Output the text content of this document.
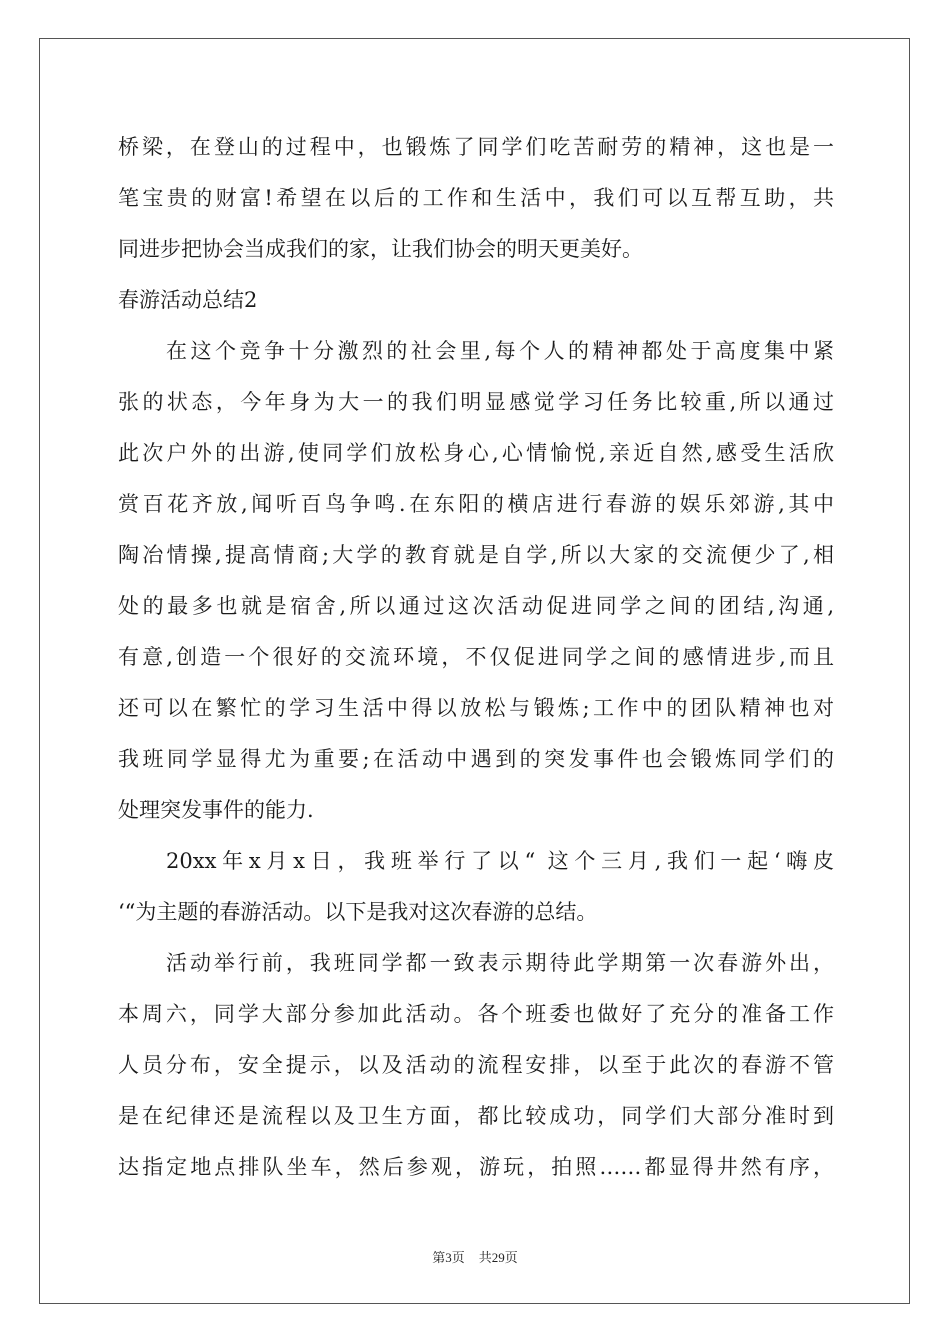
桥梁，在登山的过程中，也锻炼了同学们吃苦耐劳的精神，这也是一
笔宝贵的财富!希望在以后的工作和生活中，我们可以互帮互助，共
同进步把协会当成我们的家，让我们协会的明天更美好。
春游活动总结2
在这个竞争十分激烈的社会里,每个人的精神都处于高度集中紧
张的状态，今年身为大一的我们明显感觉学习任务比较重,所以通过
此次户外的出游,使同学们放松身心,心情愉悦,亲近自然,感受生活欣
赏百花齐放,闻听百鸟争鸣.在东阳的横店进行春游的娱乐郊游,其中
陶冶情操,提高情商;大学的教育就是自学,所以大家的交流便少了,相
处的最多也就是宿舍,所以通过这次活动促进同学之间的团结,沟通,
有意,创造一个很好的交流环境，不仅促进同学之间的感情进步,而且
还可以在繁忙的学习生活中得以放松与锻炼;工作中的团队精神也对
我班同学显得尤为重要;在活动中遇到的突发事件也会锻炼同学们的
处理突发事件的能力.
20xx年x月x日，我班举行了以“ 这个三月,我们一起‘嗨皮
‘“为主题的春游活动。以下是我对这次春游的总结。
活动举行前，我班同学都一致表示期待此学期第一次春游外出，
本周六，同学大部分参加此活动。各个班委也做好了充分的准备工作
人员分布，安全提示，以及活动的流程安排，以至于此次的春游不管
是在纪律还是流程以及卫生方面，都比较成功，同学们大部分准时到
达指定地点排队坐车，然后参观，游玩，拍照……都显得井然有序，
第3页 共29页
